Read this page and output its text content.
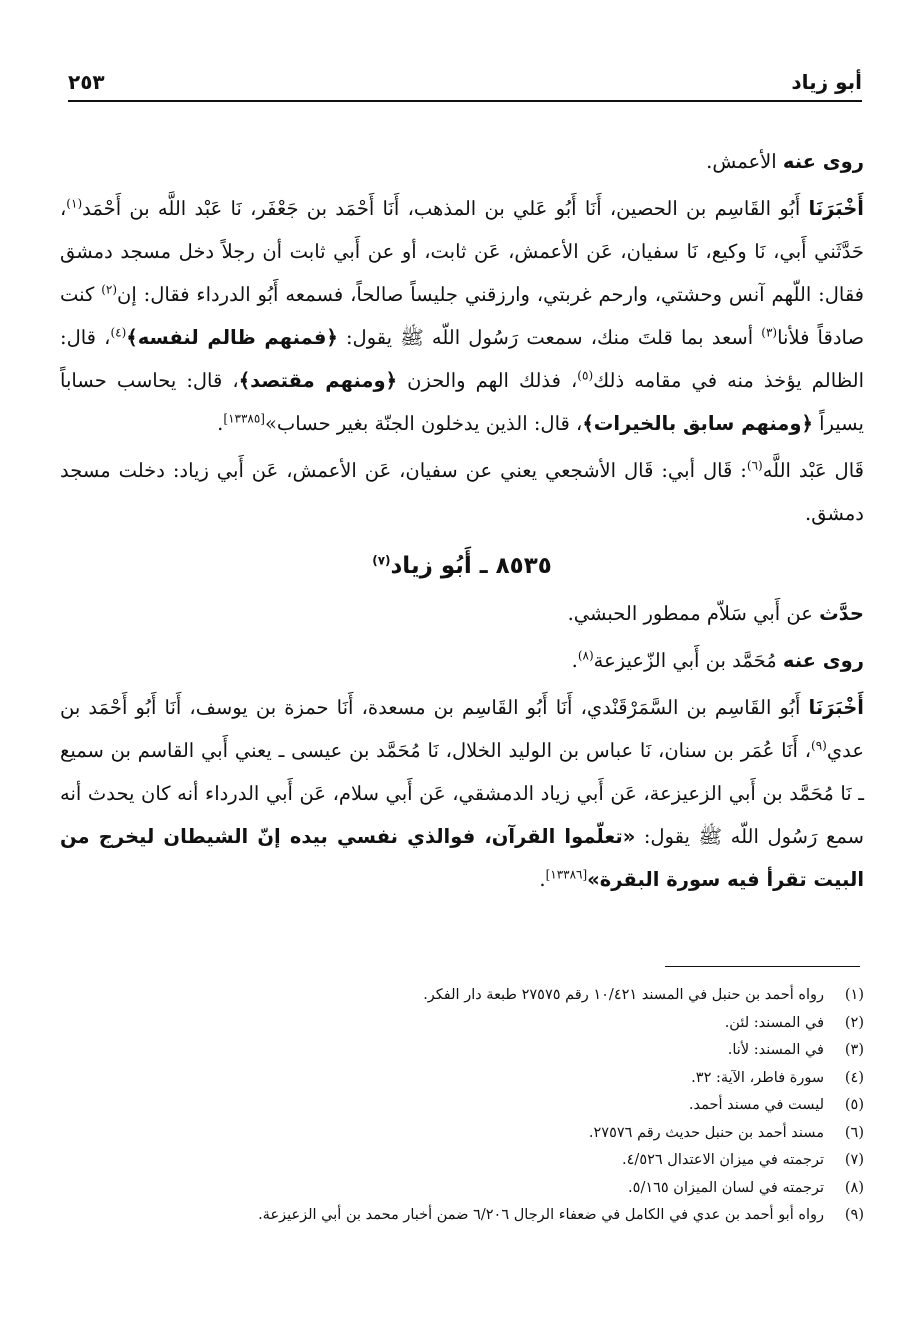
أبو زياد
٢٥٣

روى عنه الأعمش.

أَخْبَرَنَا أَبُو القَاسِم بن الحصين، أَنَا أَبُو عَلي بن المذهب، أَنَا أَحْمَد بن جَعْفَر، نَا عَبْد اللَّه بن أَحْمَد$^{(١)}$، حَدَّثَني أَبي، نَا وكيع، نَا سفيان، عَن الأعمش، عَن ثابت، أو عن أَبي ثابت أن رجلاً دخل مسجد دمشق فقال: اللّهم آنس وحشتي، وارحم غربتي، وارزقني جليساً صالحاً، فسمعه أَبُو الدرداء فقال: إن$^{(٢)}$ كنت صادقاً فلأنا$^{(٣)}$ أسعد بما قلتَ منك، سمعت رَسُول اللّه ﷺ يقول: ﴿فمنهم ظالم لنفسه﴾$^{(٤)}$، قال: الظالم يؤخذ منه في مقامه ذلك$^{(٥)}$، فذلك الهم والحزن ﴿ومنهم مقتصد﴾، قال: يحاسب حساباً يسيراً ﴿ومنهم سابق بالخيرات﴾، قال: الذين يدخلون الجنّة بغير حساب»[١٣٣٨٥].

قَال عَبْد اللَّه$^{(٦)}$: قَال أبي: قَال الأشجعي يعني عن سفيان، عَن الأعمش، عَن أَبي زياد: دخلت مسجد دمشق.

٨٥٣٥ ـ أَبُو زياد$^{(٧)}$

حدَّث عن أَبي سَلاّم ممطور الحبشي.

روى عنه مُحَمَّد بن أَبي الزّعيزعة$^{(٨)}$.

أَخْبَرَنَا أَبُو القَاسِم بن السَّمَرْقَنْدي، أَنَا أَبُو القَاسِم بن مسعدة، أَنَا حمزة بن يوسف، أَنَا أَبُو أَحْمَد بن عدي$^{(٩)}$، أَنَا عُمَر بن سنان، نَا عباس بن الوليد الخلال، نَا مُحَمَّد بن عيسى ـ يعني أَبي القاسم بن سميع ـ نَا مُحَمَّد بن أَبي الزعيزعة، عَن أَبي زياد الدمشقي، عَن أَبي سلام، عَن أَبي الدرداء أنه كان يحدث أنه سمع رَسُول اللّه ﷺ يقول: «تعلّموا القرآن، فوالذي نفسي بيده إنّ الشيطان ليخرج من البيت تقرأ فيه سورة البقرة»[١٣٣٨٦].

(١)
رواه أحمد بن حنبل في المسند ١٠/٤٢١ رقم ٢٧٥٧٥ طبعة دار الفكر.
(٢)
في المسند: لئن.
(٣)
في المسند: لأنا.
(٤)
سورة فاطر، الآية: ٣٢.
(٥)
ليست في مسند أحمد.
(٦)
مسند أحمد بن حنبل حديث رقم ٢٧٥٧٦.
(٧)
ترجمته في ميزان الاعتدال ٤/٥٢٦.
(٨)
ترجمته في لسان الميزان ٥/١٦٥.
(٩)
رواه أبو أحمد بن عدي في الكامل في ضعفاء الرجال ٦/٢٠٦ ضمن أخبار محمد بن أبي الزعيزعة.
